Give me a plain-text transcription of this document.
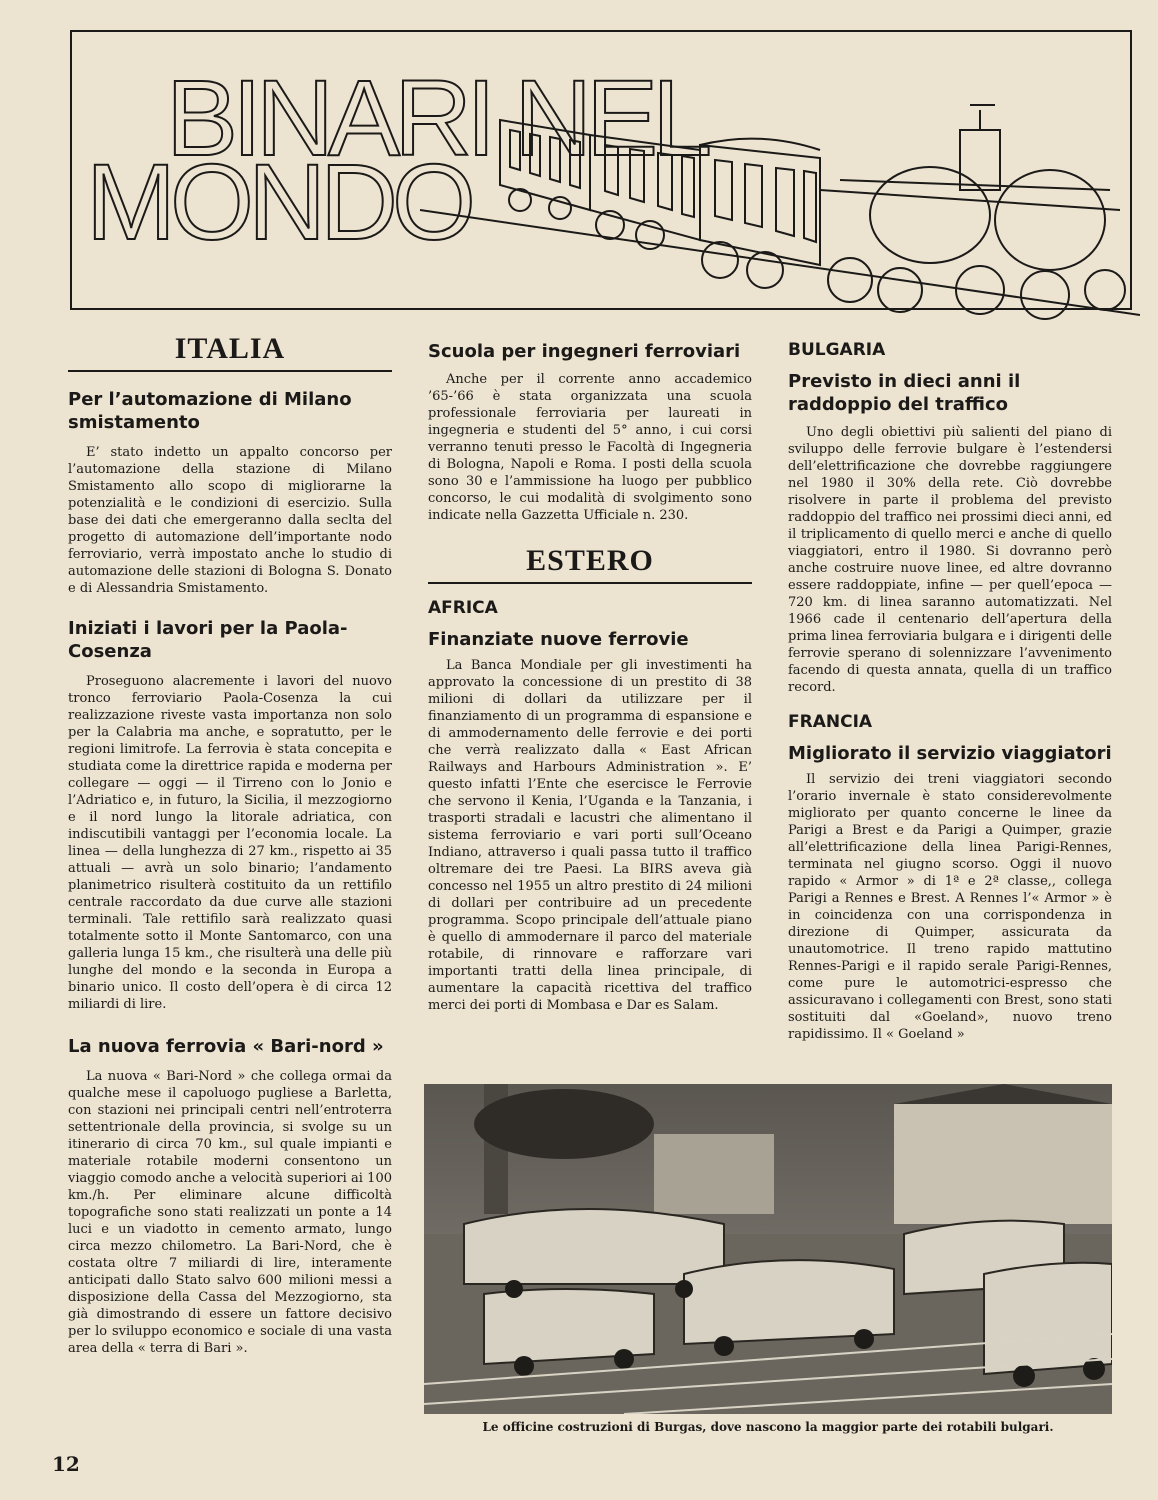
BINARI NEL
MONDO
ITALIA
Per l’automazione di Milano smistamento

E’ stato indetto un appalto concorso per l’automazione della stazione di Milano Smistamento allo scopo di migliorarne la potenzialità e le condizioni di esercizio. Sulla base dei dati che emergeranno dalla seclta del progetto di automazione dell’importante nodo ferroviario, verrà impostato anche lo studio di automazione delle stazioni di Bologna S. Donato e di Alessandria Smistamento.

Iniziati i lavori per la Paola-Cosenza

Proseguono alacremente i lavori del nuovo tronco ferroviario Paola-Cosenza la cui realizzazione riveste vasta importanza non solo per la Calabria ma anche, e sopratutto, per le regioni limitrofe. La ferrovia è stata concepita e studiata come la direttrice rapida e moderna per collegare — oggi — il Tirreno con lo Jonio e l’Adriatico e, in futuro, la Sicilia, il mezzogiorno e il nord lungo la litorale adriatica, con indiscutibili vantaggi per l’economia locale. La linea — della lunghezza di 27 km., rispetto ai 35 attuali — avrà un solo binario; l’andamento planimetrico risulterà costituito da un rettifilo centrale raccordato da due curve alle stazioni terminali. Tale rettifilo sarà realizzato quasi totalmente sotto il Monte Santomarco, con una galleria lunga 15 km., che risulterà una delle più lunghe del mondo e la seconda in Europa a binario unico. Il costo dell’opera è di circa 12 miliardi di lire.

La nuova ferrovia « Bari-nord »

La nuova « Bari-Nord » che collega ormai da qualche mese il capoluogo pugliese a Barletta, con stazioni nei principali centri nell’entroterra settentrionale della provincia, si svolge su un itinerario di circa 70 km., sul quale impianti e materiale rotabile moderni consentono un viaggio comodo anche a velocità superiori ai 100 km./h. Per eliminare alcune difficoltà topografiche sono stati realizzati un ponte a 14 luci e un viadotto in cemento armato, lungo circa mezzo chilometro. La Bari-Nord, che è costata oltre 7 miliardi di lire, interamente anticipati dallo Stato salvo 600 milioni messi a disposizione della Cassa del Mezzogiorno, sta già dimostrando di essere un fattore decisivo per lo sviluppo economico e sociale di una vasta area della « terra di Bari ».

Scuola per ingegneri ferroviari

Anche per il corrente anno accademico ’65-’66 è stata organizzata una scuola professionale ferroviaria per laureati in ingegneria e studenti del 5° anno, i cui corsi verranno tenuti presso le Facoltà di Ingegneria di Bologna, Napoli e Roma. I posti della scuola sono 30 e l’ammissione ha luogo per pubblico concorso, le cui modalità di svolgimento sono indicate nella Gazzetta Ufficiale n. 230.

ESTERO
AFRICA
Finanziate nuove ferrovie

La Banca Mondiale per gli investimenti ha approvato la concessione di un prestito di 38 milioni di dollari da utilizzare per il finanziamento di un programma di espansione e di ammodernamento delle ferrovie e dei porti che verrà realizzato dalla « East African Railways and Harbours Administration ». E’ questo infatti l’Ente che esercisce le Ferrovie che servono il Kenia, l’Uganda e la Tanzania, i trasporti stradali e lacustri che alimentano il sistema ferroviario e vari porti sull’Oceano Indiano, attraverso i quali passa tutto il traffico oltremare dei tre Paesi. La BIRS aveva già concesso nel 1955 un altro prestito di 24 milioni di dollari per contribuire ad un precedente programma. Scopo principale dell’attuale piano è quello di ammodernare il parco del materiale rotabile, di rinnovare e rafforzare vari importanti tratti della linea principale, di aumentare la capacità ricettiva del traffico merci dei porti di Mombasa e Dar es Salam.

BULGARIA
Previsto in dieci anni il raddoppio del traffico

Uno degli obiettivi più salienti del piano di sviluppo delle ferrovie bulgare è l’estendersi dell’elettrificazione che dovrebbe raggiungere nel 1980 il 30% della rete. Ciò dovrebbe risolvere in parte il problema del previsto raddoppio del traffico nei prossimi dieci anni, ed il triplicamento di quello merci e anche di quello viaggiatori, entro il 1980. Si dovranno però anche costruire nuove linee, ed altre dovranno essere raddoppiate, infine — per quell’epoca — 720 km. di linea saranno automatizzati. Nel 1966 cade il centenario dell’apertura della prima linea ferroviaria bulgara e i dirigenti delle ferrovie sperano di solennizzare l’avvenimento facendo di questa annata, quella di un traffico record.

FRANCIA
Migliorato il servizio viaggiatori

Il servizio dei treni viaggiatori secondo l’orario invernale è stato considerevolmente migliorato per quanto concerne le linee da Parigi a Brest e da Parigi a Quimper, grazie all’elettrificazione della linea Parigi-Rennes, terminata nel giugno scorso. Oggi il nuovo rapido « Armor » di 1ª e 2ª classe,, collega Parigi a Rennes e Brest. A Rennes l’« Armor » è in coincidenza con una corrispondenza in direzione di Quimper, assicurata da unautomotrice. Il treno rapido mattutino Rennes-Parigi e il rapido serale Parigi-Rennes, come pure le automotrici-espresso che assicuravano i collegamenti con Brest, sono stati sostituiti dal «Goeland», nuovo treno rapidissimo. Il « Goeland »

Le officine costruzioni di Burgas, dove nascono la maggior parte dei rotabili bulgari.
12
